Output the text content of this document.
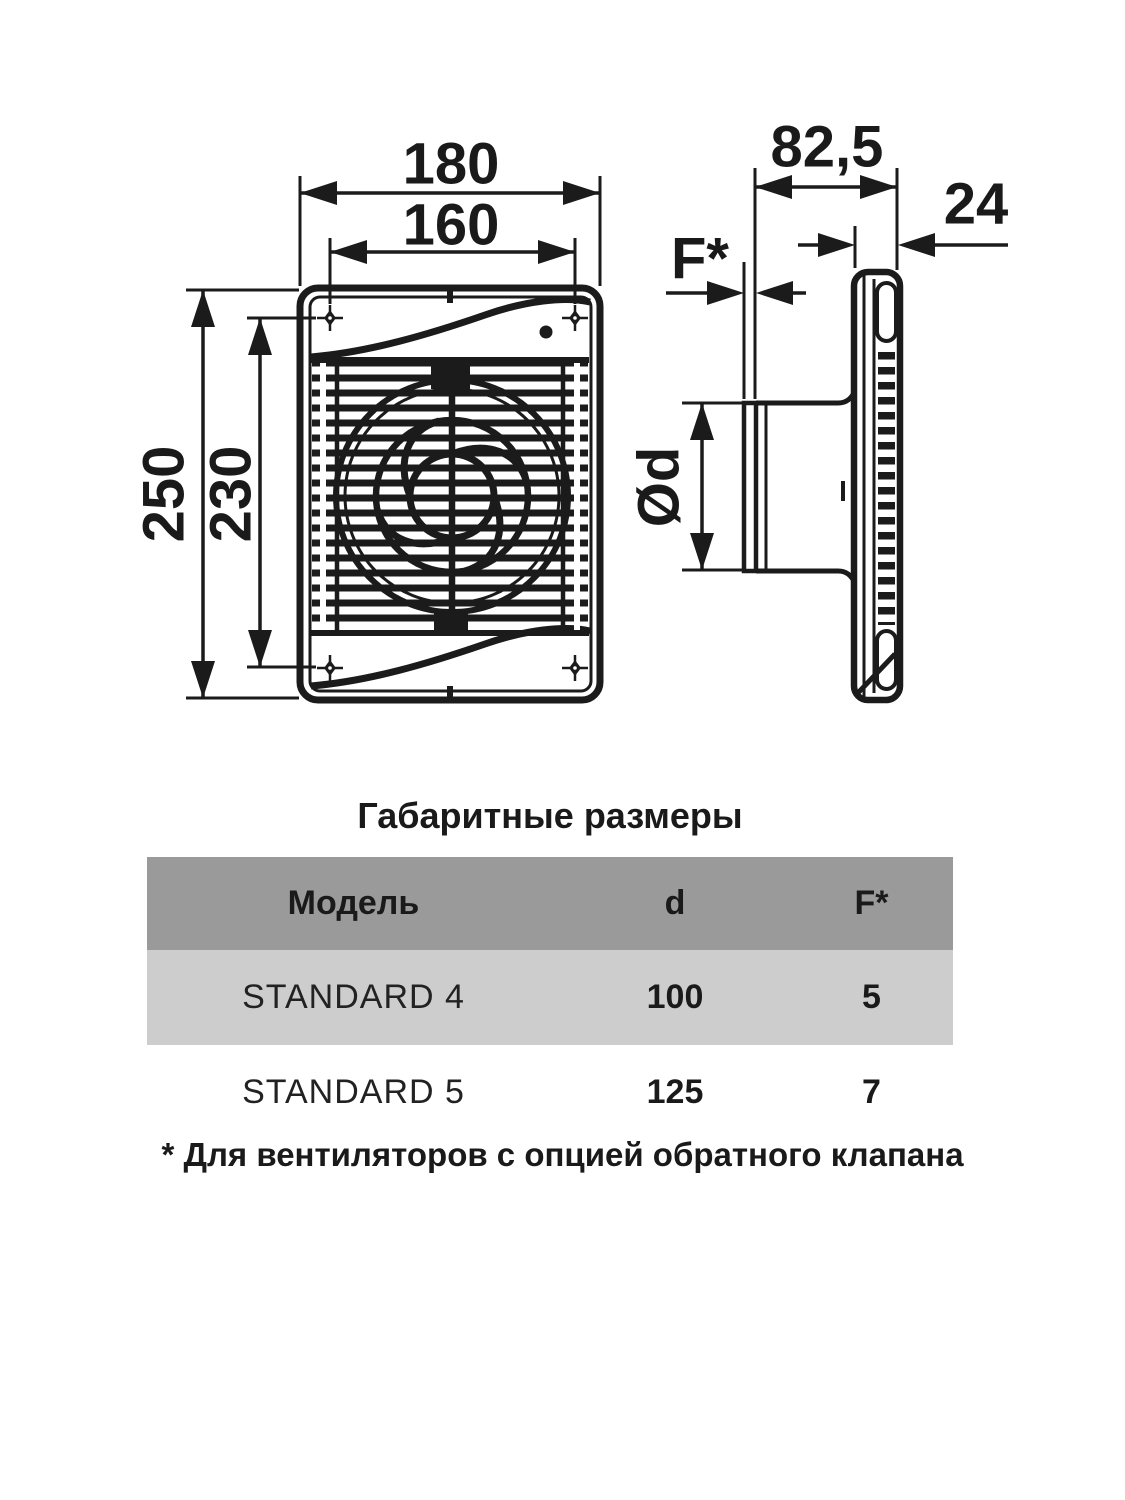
180
160
250 230
82,5
24
F*
Ød
Габаритные размеры
Модель	d	F*
STANDARD 4	100	5
STANDARD 5	125	7
* Для вентиляторов с опцией обратного клапана
